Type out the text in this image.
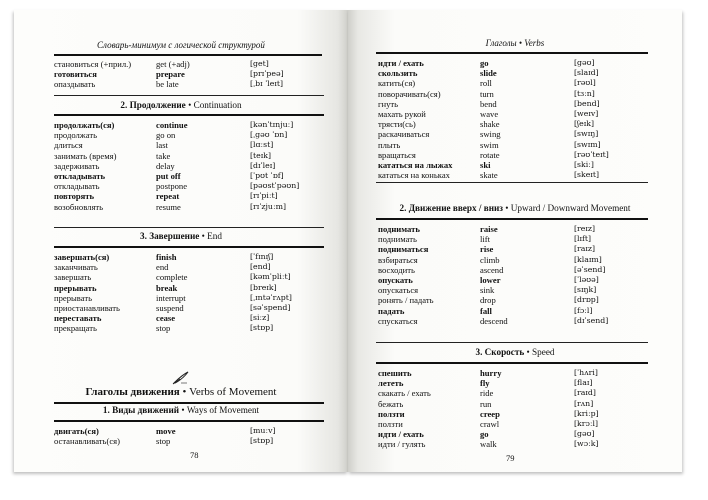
Словарь-минимум с логической структурой
становиться (+прил.)	get (+adj)	[get]
готовиться	prepare	[prɪˈpeə]
опаздывать	be late	[ˌbɪ ˈleɪt]
2. Продолжение • Continuation
продолжать(ся)	continue	[kənˈtɪnjuː]
продолжать	go on	[ˌgəʊ ˈɒn]
длиться	last	[lɑːst]
занимать (время)	take	[teɪk]
задерживать	delay	[dɪˈleɪ]
откладывать	put off	[ˈpʊt ˈɒf]
откладывать	postpone	[pəʊstˈpəʊn]
повторять	repeat	[rɪˈpiːt]
возобновлять	resume	[rɪˈzjuːm]
3. Завершение • End
завершать(ся)	finish	[ˈfɪnɪʃ]
заканчивать	end	[end]
завершать	complete	[kəmˈpliːt]
прерывать	break	[breɪk]
прерывать	interrupt	[ˌɪntəˈrʌpt]
приостанавливать	suspend	[səˈspend]
переставать	cease	[siːz]
прекращать	stop	[stɒp]
Глаголы движения • Verbs of Movement
1. Виды движений • Ways of Movement
двигать(ся)	move	[muːv]
останавливать(ся)	stop	[stɒp]
78
Глаголы • Verbs
идти / ехать	go	[gəʊ]
скользить	slide	[slaɪd]
катить(ся)	roll	[rəʊl]
поворачивать(ся)	turn	[tɜːn]
гнуть	bend	[bend]
махать рукой	wave	[weɪv]
трясти(сь)	shake	[ʃeɪk]
раскачиваться	swing	[swɪŋ]
плыть	swim	[swɪm]
вращаться	rotate	[rəʊˈteɪt]
кататься на лыжах	ski	[skiː]
кататься на коньках	skate	[skeɪt]
2. Движение вверх / вниз • Upward / Downward Movement
поднимать	raise	[reɪz]
поднимать	lift	[lɪft]
подниматься	rise	[raɪz]
взбираться	climb	[klaɪm]
восходить	ascend	[əˈsend]
опускать	lower	[ˈləʊə]
опускаться	sink	[sɪŋk]
ронять / падать	drop	[drɒp]
падать	fall	[fɔːl]
спускаться	descend	[dɪˈsend]
3. Скорость • Speed
спешить	hurry	[ˈhʌri]
лететь	fly	[flaɪ]
скакать / ехать	ride	[raɪd]
бежать	run	[rʌn]
ползти	creep	[kriːp]
ползти	crawl	[krɔːl]
идти / ехать	go	[gəʊ]
идти / гулять	walk	[wɔːk]
79
